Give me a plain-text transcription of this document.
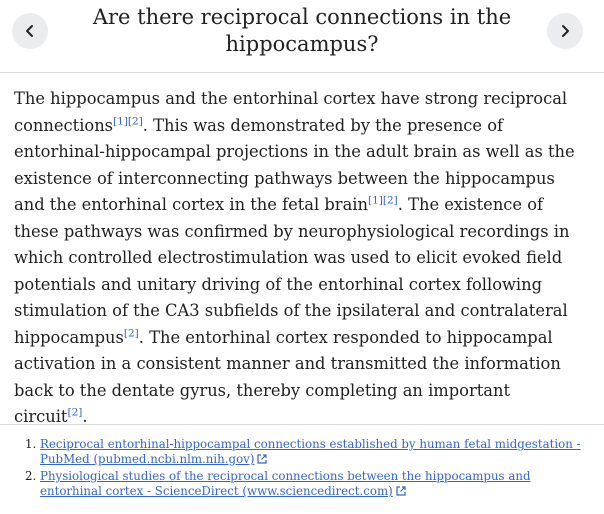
Are there reciprocal connections in the hippocampus?

The hippocampus and the entorhinal cortex have strong reciprocal connections[1][2]. This was demonstrated by the presence of entorhinal-hippocampal projections in the adult brain as well as the existence of interconnecting pathways between the hippocampus and the entorhinal cortex in the fetal brain[1][2]. The existence of these pathways was confirmed by neurophysiological recordings in which controlled electrostimulation was used to elicit evoked field potentials and unitary driving of the entorhinal cortex following stimulation of the CA3 subfields of the ipsilateral and contralateral hippocampus[2]. The entorhinal cortex responded to hippocampal activation in a consistent manner and transmitted the information back to the dentate gyrus, thereby completing an important circuit[2].

1. Reciprocal entorhinal-hippocampal connections established by human fetal midgestation - PubMed (pubmed.ncbi.nlm.nih.gov)
2. Physiological studies of the reciprocal connections between the hippocampus and entorhinal cortex - ScienceDirect (www.sciencedirect.com)
